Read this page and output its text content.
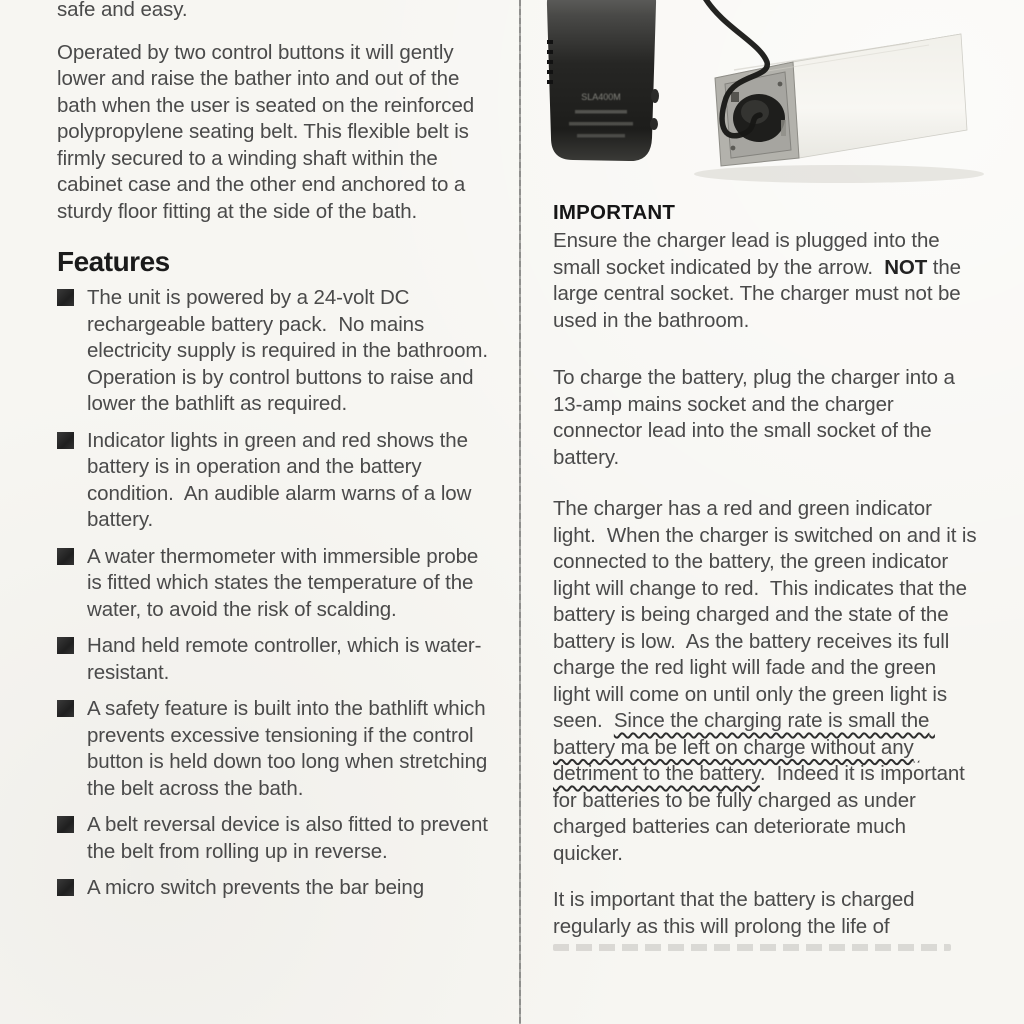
SLA400M

safe and easy.

Operated by two control buttons it will gently lower and raise the bather into and out of the bath when the user is seated on the reinforced polypropylene seating belt. This flexible belt is firmly secured to a winding shaft within the cabinet case and the other end anchored to a sturdy floor fitting at the side of the bath.

Features
The unit is powered by a 24-volt DC rechargeable battery pack.  No mains electricity supply is required in the bathroom.  Operation is by control buttons to raise and lower the bathlift as required.
Indicator lights in green and red shows the battery is in operation and the battery condition.  An audible alarm warns of a low battery.
A water thermometer with immersible probe is fitted which states the temperature of the water, to avoid the risk of scalding.
Hand held remote controller, which is water-resistant.
A safety feature is built into the bathlift which prevents excessive tensioning if the control button is held down too long when stretching the belt across the bath.
A belt reversal device is also fitted to prevent the belt from rolling up in reverse.
A micro switch prevents the bar being
IMPORTANT

Ensure the charger lead is plugged into the small socket indicated by the arrow.  NOT the large central socket. The charger must not be used in the bathroom.

To charge the battery, plug the charger into a 13-amp mains socket and the charger connector lead into the small socket of the battery.

The charger has a red and green indicator light.  When the charger is switched on and it is connected to the battery, the green indicator light will change to red.  This indicates that the battery is being charged and the state of the battery is low.  As the battery receives its full charge the red light will fade and the green light will come on until only the green light is seen.  Since the charging rate is small the battery ma be left on charge without any detriment to the battery.  Indeed it is important for batteries to be fully charged as under charged batteries can deteriorate much quicker.

It is important that the battery is charged regularly as this will prolong the life of
